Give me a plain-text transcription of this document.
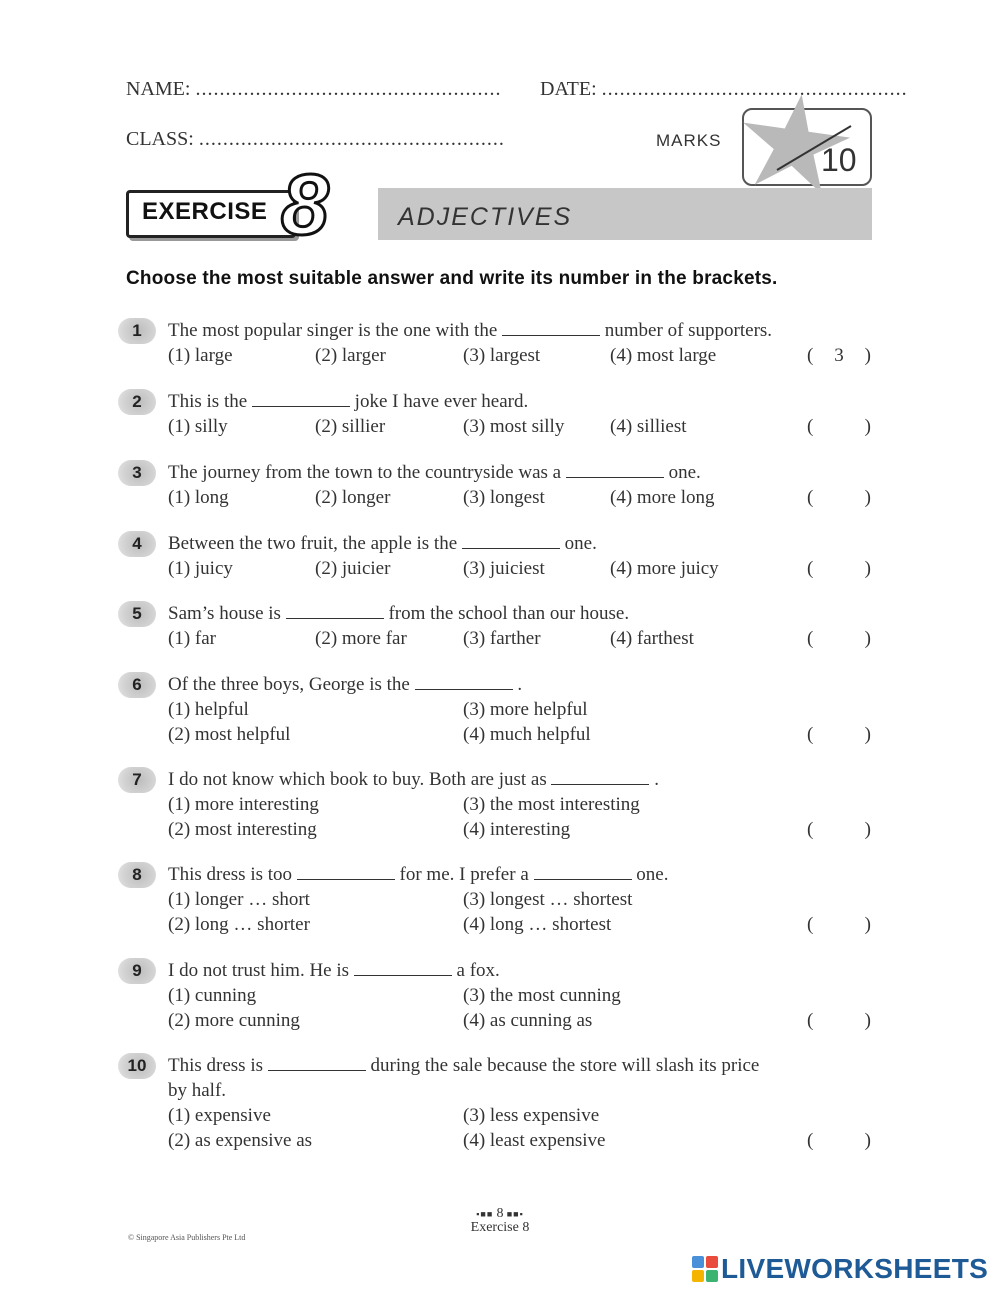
NAME: ................................................... DATE: ...................................................
CLASS: ...................................................	MARKS
10
EXERCISE 8	ADJECTIVES
Choose the most suitable answer and write its number in the brackets.
1	The most popular singer is the one with the	number of supporters.
(1) large	(2) larger	(3) largest	(4) most large	(	3	)
2	This is the	joke I have ever heard.
(1) silly	(2) sillier	(3) most silly (4) silliest	(	)
3	The journey from the town to the countryside was a	one.
(1) long	(2) longer	(3) longest	(4) more long	(	)
4	Between the two fruit, the apple is the	one.
(1) juicy	(2) juicier	(3) juiciest	(4) more juicy	(	)
5	Sam’s house is	from the school than our house.
(1) far	(2) more far	(3) farther	(4) farthest	(	)
6	Of the three boys, George is the	.
(1) helpful	(3) more helpful
(2) most helpful	(4) much helpful	(	)
7	I do not know which book to buy. Both are just as	.
(1) more interesting	(3) the most interesting
(2) most interesting	(4) interesting	(	)
8	This dress is too	for me. I prefer a	one.
(1) longer … short	(3) longest … shortest
(2) long … shorter	(4) long … shortest	(	)
9	I do not trust him. He is	a fox.
(1) cunning	(3) the most cunning
(2) more cunning	(4) as cunning as	(	)
10	This dress is	during the sale because the store will slash its price
by half.
(1) expensive	(3) less expensive
(2) as expensive as	(4) least expensive	(	)
▪■■ 8 ■■▪
Exercise 8
© Singapore Asia Publishers Pte Ltd
LIVEWORKSHEETS
